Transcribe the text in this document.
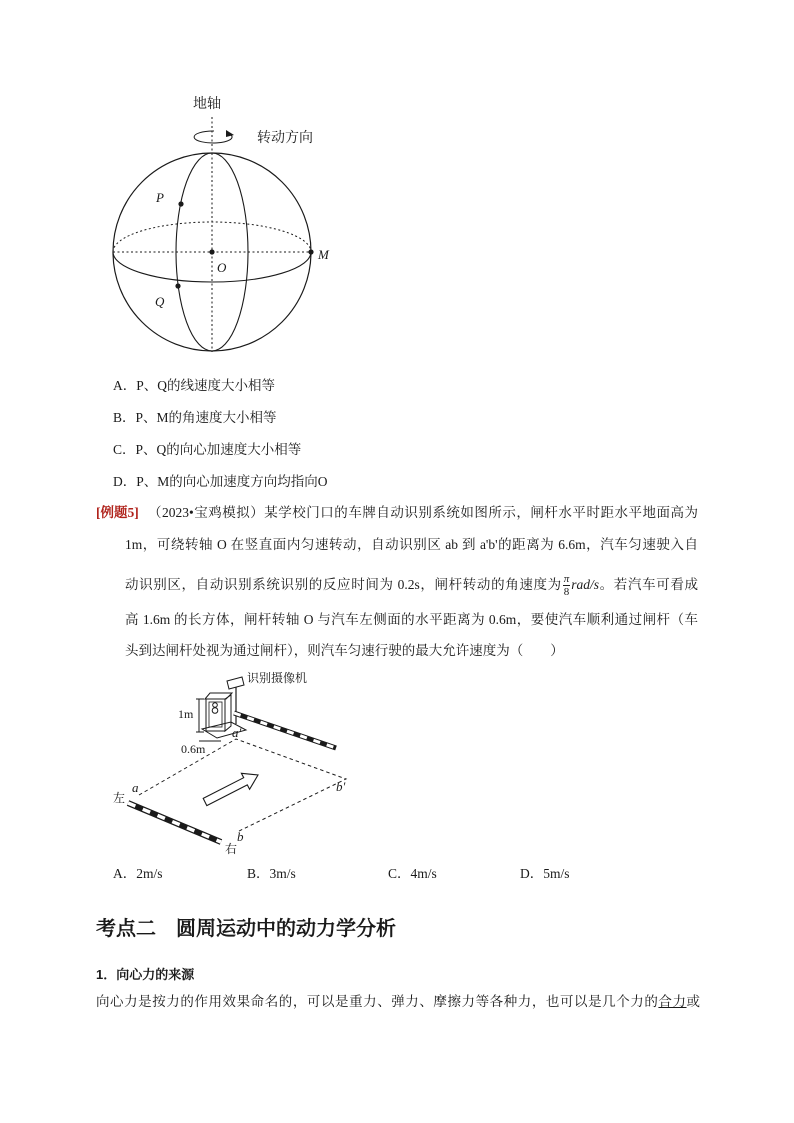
地轴
转动方向
P
Q
O
M
A．P、Q的线速度大小相等
B．P、M的角速度大小相等
C．P、Q的向心加速度大小相等
D．P、M的向心加速度方向均指向O
[例题5] （2023•宝鸡模拟）某学校门口的车牌自动识别系统如图所示，闸杆水平时距水平地面高为
1m，可绕转轴 O 在竖直面内匀速转动，自动识别区 ab 到 a'b'的距离为 6.6m，汽车匀速驶入自
动识别区，自动识别系统识别的反应时间为 0.2s，闸杆转动的角速度为 $\frac{\pi}{8} rad/s$。若汽车可看成
高 1.6m 的长方体，闸杆转轴 O 与汽车左侧面的水平距离为 0.6m，要使汽车顺利通过闸杆（车
头到达闸杆处视为通过闸杆），则汽车匀速行驶的最大允许速度为（　　）
识别摄像机
1m
0.6m
左
a
a′
b′
右
b
A．2m/s	B．3m/s	C．4m/s	D．5m/s
考点二　圆周运动中的动力学分析
1．向心力的来源
向心力是按力的作用效果命名的，可以是重力、弹力、摩擦力等各种力，也可以是几个力的合力或
